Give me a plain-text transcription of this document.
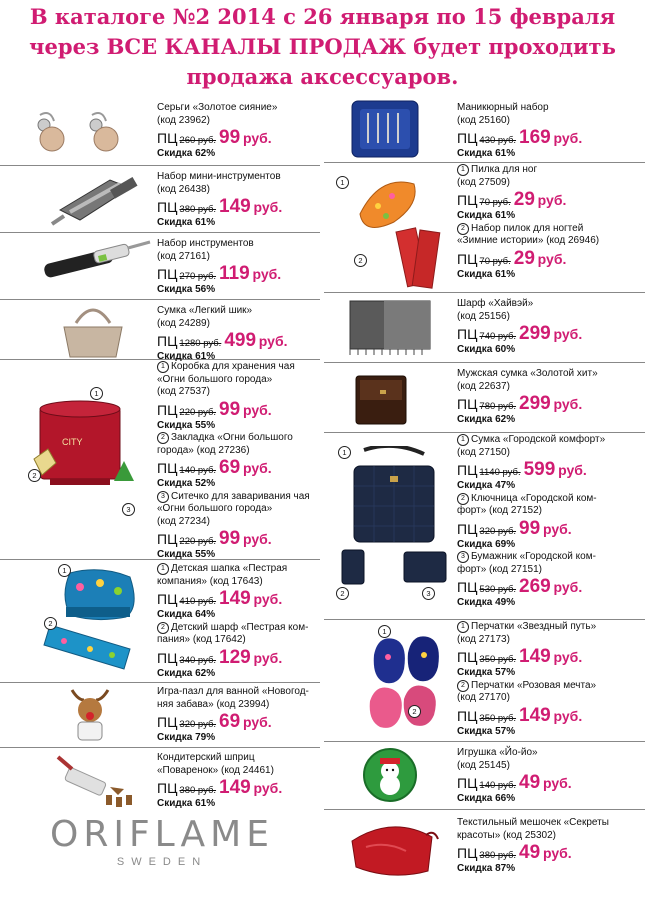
В каталоге №2 2014 с 26 января по 15 февраля
через ВСЕ КАНАЛЫ ПРОДАЖ будет проходить
продажа аксессуаров.
Серьги «Золотое сияние»
(код 23962)
ПЦ 260 руб. 99 руб.
Скидка 62%
Набор мини-инструментов
(код 26438)
ПЦ 380 руб. 149 руб.
Скидка 61%
Набор инструментов
(код 27161)
ПЦ 270 руб. 119 руб.
Скидка 56%
Сумка «Легкий шик»
(код 24289)
ПЦ 1280 руб. 499 руб.
Скидка 61%
CITY
1
2
3
1 Коробка для хранения чая
«Огни большого города»
(код 27537)
ПЦ 220 руб. 99 руб.
Скидка 55%
2 Закладка «Огни большого
города» (код 27236)
ПЦ 140 руб. 69 руб.
Скидка 52%
3 Ситечко для заваривания чая
«Огни большого города»
(код 27234)
ПЦ 220 руб. 99 руб.
Скидка 55%
1
2
1 Детская шапка «Пестрая
компания» (код 17643)
ПЦ 410 руб. 149 руб.
Скидка 64%
2 Детский шарф «Пестрая ком-
пания» (код 17642)
ПЦ 340 руб. 129 руб.
Скидка 62%
Игра-пазл для ванной «Новогод-
няя забава» (код 23994)
ПЦ 320 руб. 69 руб.
Скидка 79%
Кондитерский шприц
«Поваренок» (код 24461)
ПЦ 380 руб. 149 руб.
Скидка 61%
Маникюрный набор
(код 25160)
ПЦ 430 руб. 169 руб.
Скидка 61%
1
2
1 Пилка для ног
(код 27509)
ПЦ 70 руб. 29 руб.
Скидка 61%
2 Набор пилок для ногтей
«Зимние истории» (код 26946)
ПЦ 70 руб. 29 руб.
Скидка 61%
Шарф «Хайвэй»
(код 25156)
ПЦ 740 руб. 299 руб.
Скидка 60%
Мужская сумка «Золотой хит»
(код 22637)
ПЦ 780 руб. 299 руб.
Скидка 62%
1
2	3
1 Сумка «Городской комфорт»
(код 27150)
ПЦ 1140 руб. 599 руб.
Скидка 47%
2 Ключница «Городской ком-
форт» (код 27152)
ПЦ 320 руб. 99 руб.
Скидка 69%
3 Бумажник «Городской ком-
форт» (код 27151)
ПЦ 530 руб. 269 руб.
Скидка 49%
1
2
1 Перчатки «Звездный путь»
(код 27173)
ПЦ 350 руб. 149 руб.
Скидка 57%
2 Перчатки «Розовая мечта»
(код 27170)
ПЦ 350 руб. 149 руб.
Скидка 57%
Игрушка «Йо-йо»
(код 25145)
ПЦ 140 руб. 49 руб.
Скидка 66%
Текстильный мешочек «Секреты
красоты» (код 25302)
ПЦ 380 руб. 49 руб.
Скидка 87%
ORIFLAME
SWEDEN
